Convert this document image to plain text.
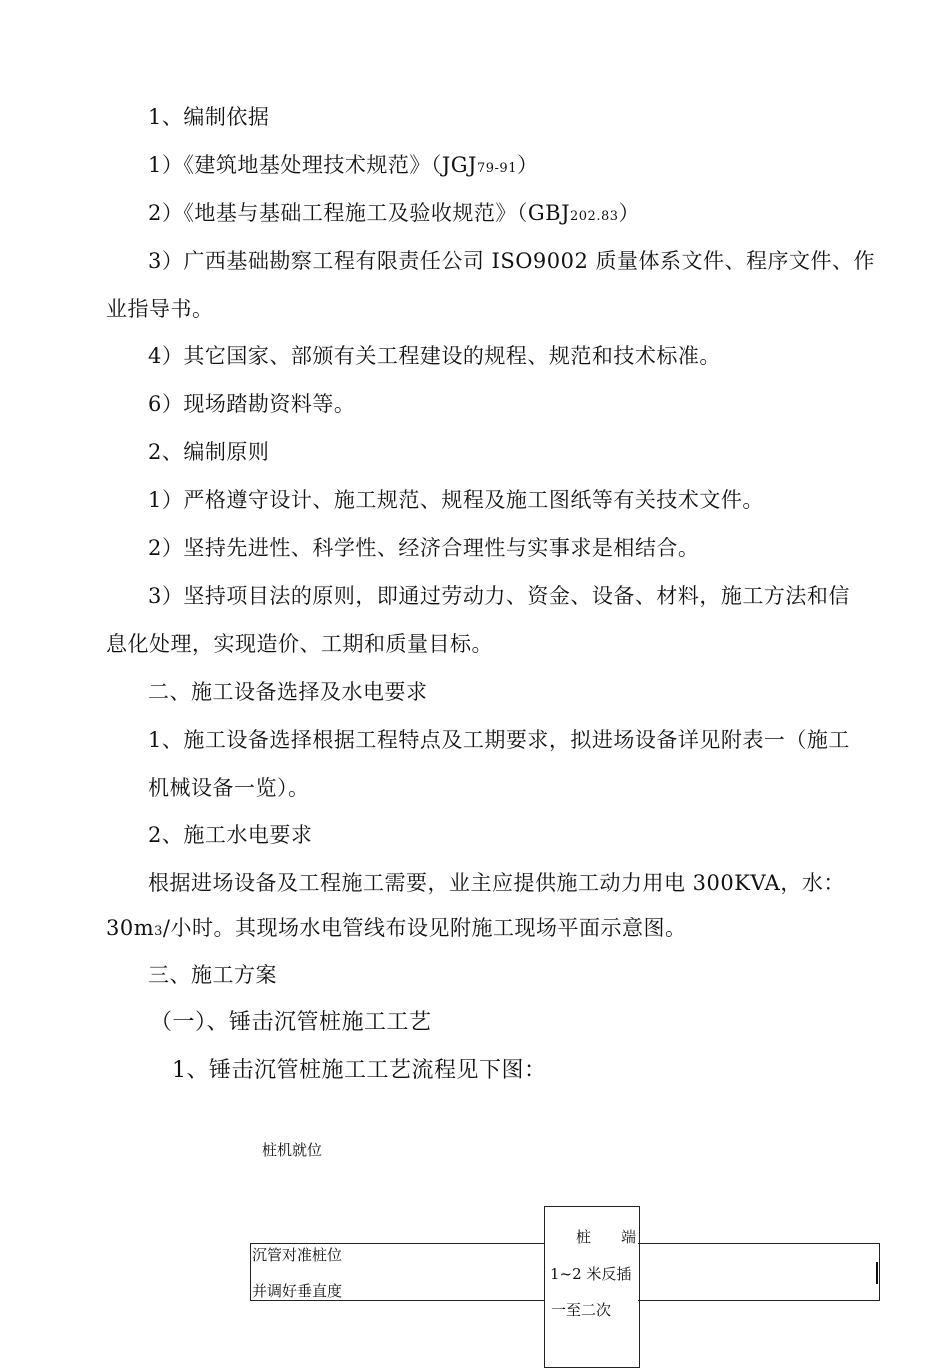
1、编制依据
1）《建筑地基处理技术规范》（JGJ79-91）
2）《地基与基础工程施工及验收规范》（GBJ202.83）
3）广西基础勘察工程有限责任公司 ISO9002 质量体系文件、程序文件、作
业指导书。
4）其它国家、部颁有关工程建设的规程、规范和技术标准。
6）现场踏勘资料等。
2、编制原则
1）严格遵守设计、施工规范、规程及施工图纸等有关技术文件。
2）坚持先进性、科学性、经济合理性与实事求是相结合。
3）坚持项目法的原则，即通过劳动力、资金、设备、材料，施工方法和信
息化处理，实现造价、工期和质量目标。
二、施工设备选择及水电要求
1、施工设备选择根据工程特点及工期要求，拟进场设备详见附表一（施工
机械设备一览）。
2、施工水电要求
根据进场设备及工程施工需要，业主应提供施工动力用电 300KVA，水：
30m3/小时。其现场水电管线布设见附施工现场平面示意图。
三、施工方案
（一）、锤击沉管桩施工工艺
1、锤击沉管桩施工工艺流程见下图：
桩机就位
沉管对准桩位
并调好垂直度
桩　　端
1~2 米反插
一至二次
